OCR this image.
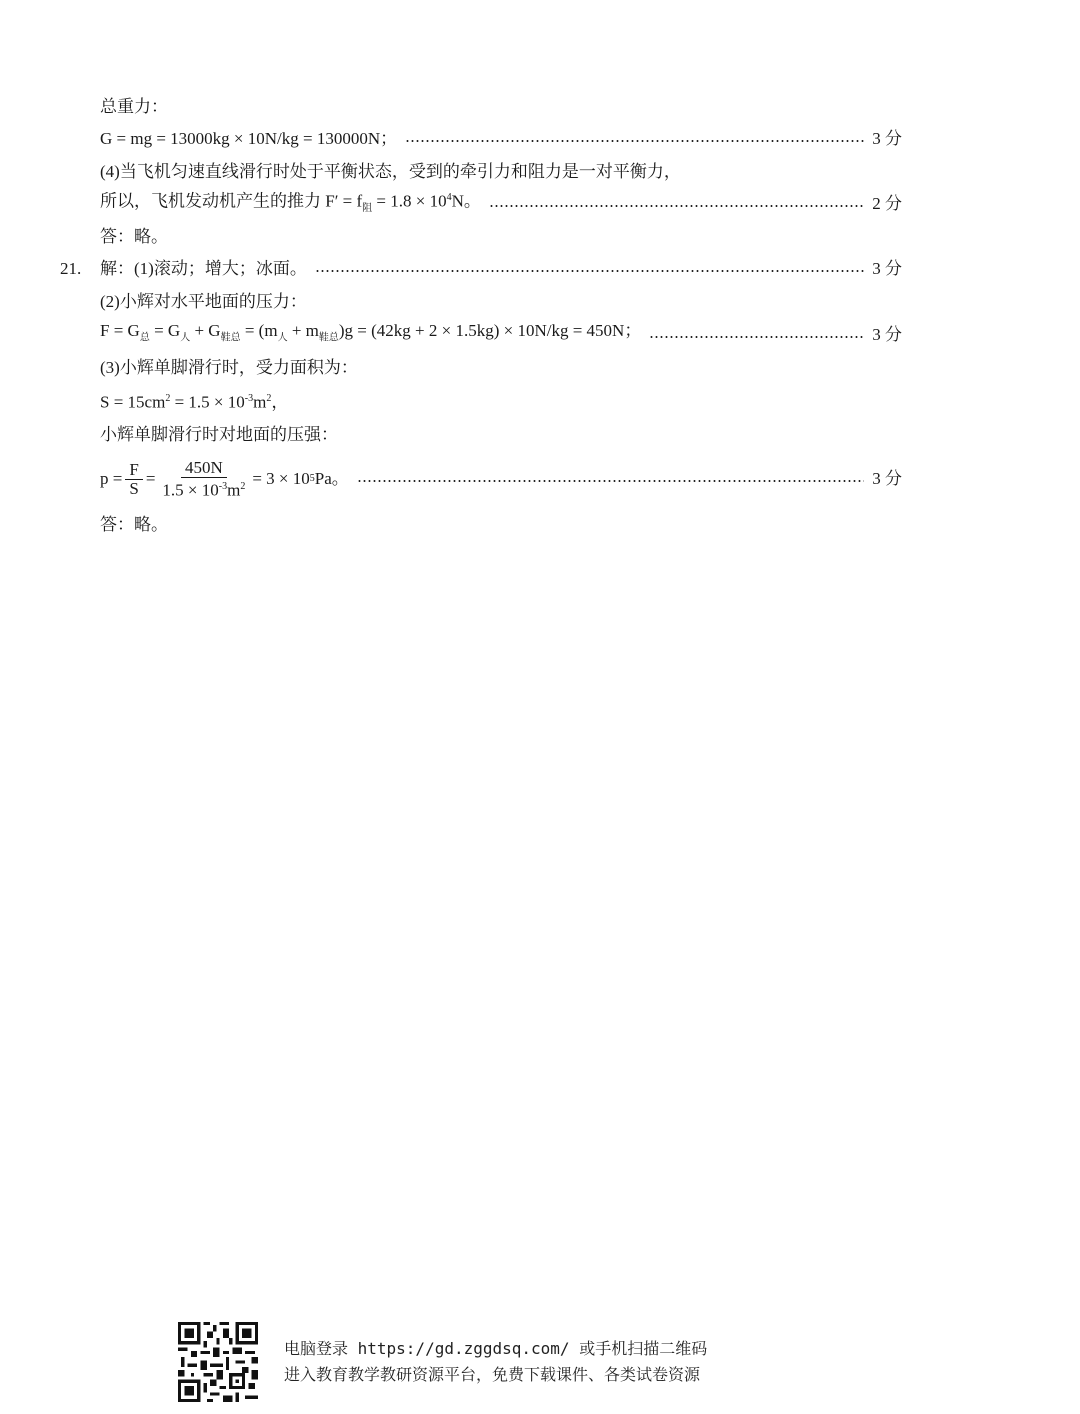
总重力：
G = mg = 13000kg × 10N/kg = 130000N；	3 分
(4)当飞机匀速直线滑行时处于平衡状态，受到的牵引力和阻力是一对平衡力，
所以，飞机发动机产生的推力 $F' = f_阻 = 1.8 \times 10^4N$。	2 分
答：略。
21. 解：(1)滚动；增大；冰面。	3 分
(2)小辉对水平地面的压力：
$F = G_总 = G_人 + G_{鞋总} = (m_人 + m_{鞋总})g = (42kg + 2 \times 1.5kg) \times 10N/kg = 450N$；	3 分
(3)小辉单脚滑行时，受力面积为：
$S = 15cm^2 = 1.5 \times 10^{-3}m^2$，
小辉单脚滑行时对地面的压强：
$p = \frac{F}{S} = \frac{450N}{1.5 \times 10^{-3}m^2} = 3 \times 10$ 5 Pa。	3 分
答：略。
电脑登录 https://gd.zggdsq.com/ 或手机扫描二维码
进入教育教学教研资源平台，免费下载课件、各类试卷资源
